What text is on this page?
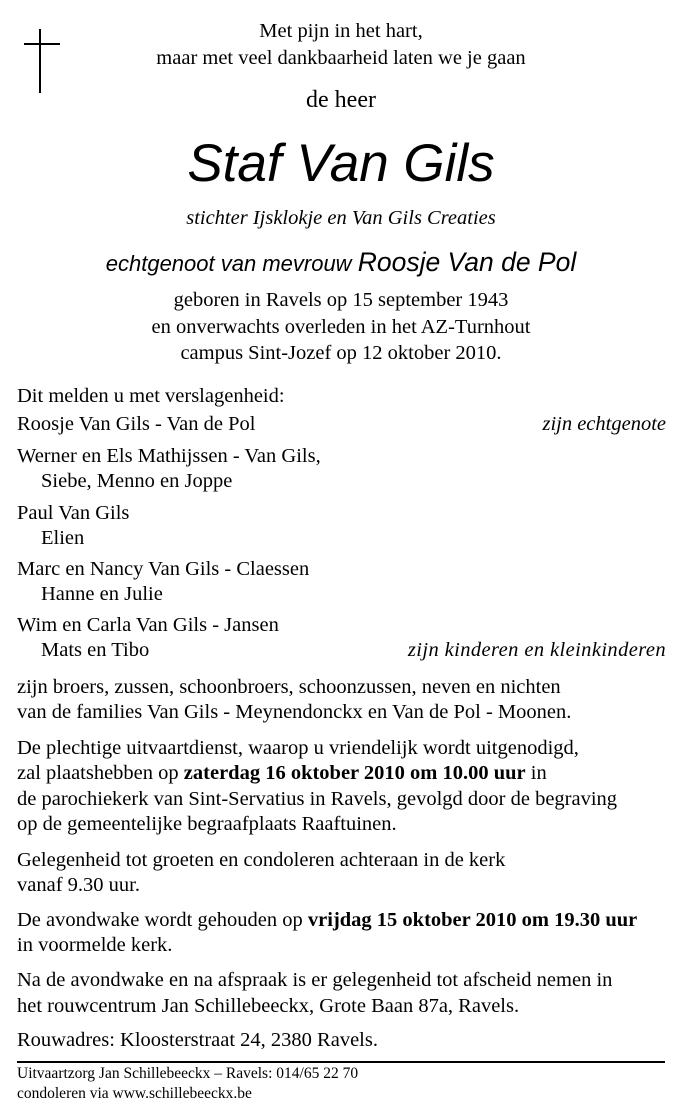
Met pijn in het hart,
maar met veel dankbaarheid laten we je gaan
de heer
Staf Van Gils
stichter Ijsklokje en Van Gils Creaties
echtgenoot van mevrouw Roosje Van de Pol
geboren in Ravels op 15 september 1943
en onverwachts overleden in het AZ-Turnhout
campus Sint-Jozef op 12 oktober 2010.
Dit melden u met verslagenheid:
Roosje Van Gils - Van de Pol	zijn echtgenote
Werner en Els Mathijssen - Van Gils,
Siebe, Menno en Joppe
Paul Van Gils
Elien
Marc en Nancy Van Gils - Claessen
Hanne en Julie
Wim en Carla Van Gils - Jansen
Mats en Tibo	zijn kinderen en kleinkinderen
zijn broers, zussen, schoonbroers, schoonzussen, neven en nichten
van de families Van Gils - Meynendonckx en Van de Pol - Moonen.
De plechtige uitvaartdienst, waarop u vriendelijk wordt uitgenodigd,
zal plaatshebben op zaterdag 16 oktober 2010 om 10.00 uur in
de parochiekerk van Sint-Servatius in Ravels, gevolgd door de begraving
op de gemeentelijke begraafplaats Raaftuinen.
Gelegenheid tot groeten en condoleren achteraan in de kerk
vanaf 9.30 uur.
De avondwake wordt gehouden op vrijdag 15 oktober 2010 om 19.30 uur
in voormelde kerk.
Na de avondwake en na afspraak is er gelegenheid tot afscheid nemen in
het rouwcentrum Jan Schillebeeckx, Grote Baan 87a, Ravels.
Rouwadres: Kloosterstraat 24, 2380 Ravels.
Uitvaartzorg Jan Schillebeeckx – Ravels: 014/65 22 70
condoleren via www.schillebeeckx.be
